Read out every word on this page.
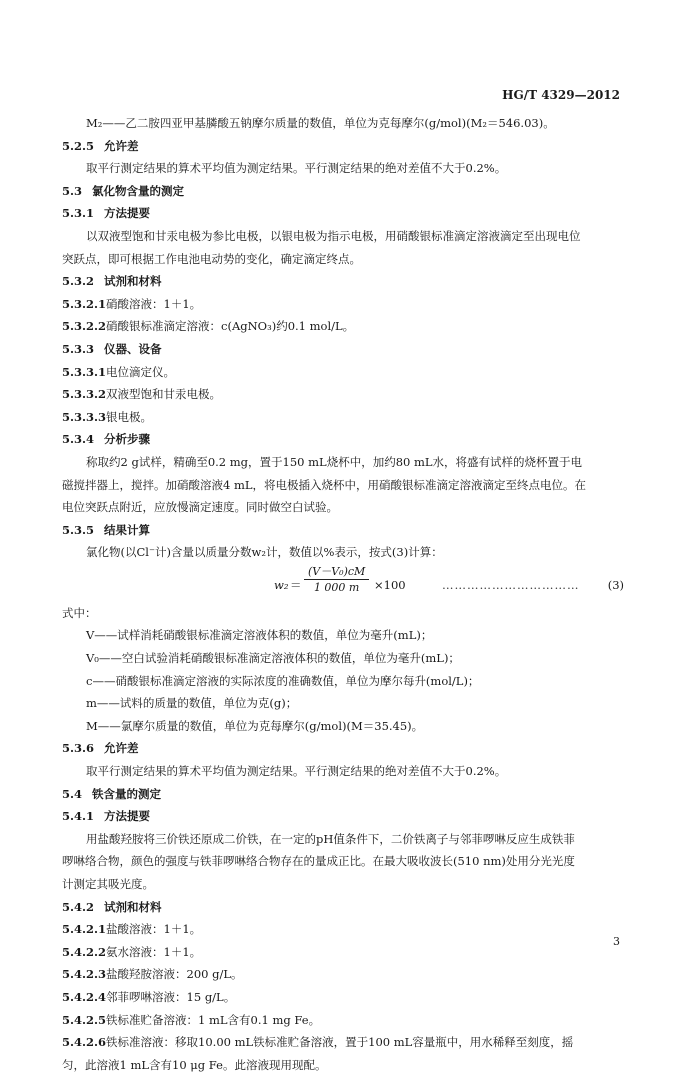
HG/T 4329—2012
M₂——乙二胺四亚甲基膦酸五钠摩尔质量的数值，单位为克每摩尔(g/mol)(M₂＝546.03)。
5.2.5 允许差
取平行测定结果的算术平均值为测定结果。平行测定结果的绝对差值不大于0.2%。
5.3 氯化物含量的测定
5.3.1 方法提要
以双液型饱和甘汞电极为参比电极，以银电极为指示电极，用硝酸银标准滴定溶液滴定至出现电位
突跃点，即可根据工作电池电动势的变化，确定滴定终点。
5.3.2 试剂和材料
5.3.2.1硝酸溶液：1＋1。
5.3.2.2硝酸银标准滴定溶液：c(AgNO₃)约0.1 mol/L。
5.3.3 仪器、设备
5.3.3.1电位滴定仪。
5.3.3.2双液型饱和甘汞电极。
5.3.3.3银电极。
5.3.4 分析步骤
称取约2 g试样，精确至0.2 mg，置于150 mL烧杯中，加约80 mL水，将盛有试样的烧杯置于电
磁搅拌器上，搅拌。加硝酸溶液4 mL，将电极插入烧杯中，用硝酸银标准滴定溶液滴定至终点电位。在
电位突跃点附近，应放慢滴定速度。同时做空白试验。
5.3.5 结果计算
氯化物(以Cl⁻计)含量以质量分数w₂计，数值以%表示，按式(3)计算：
$w_2 = \frac{\text{(V－V₀)cM}}{1 000 m} \times 100$	…………………………… (3)
式中：
V——试样消耗硝酸银标准滴定溶液体积的数值，单位为毫升(mL)；
V₀——空白试验消耗硝酸银标准滴定溶液体积的数值，单位为毫升(mL)；
c——硝酸银标准滴定溶液的实际浓度的准确数值，单位为摩尔每升(mol/L)；
m——试料的质量的数值，单位为克(g)；
M——氯摩尔质量的数值，单位为克每摩尔(g/mol)(M＝35.45)。
5.3.6 允许差
取平行测定结果的算术平均值为测定结果。平行测定结果的绝对差值不大于0.2%。
5.4 铁含量的测定
5.4.1 方法提要
用盐酸羟胺将三价铁还原成二价铁，在一定的pH值条件下，二价铁离子与邻菲啰啉反应生成铁菲
啰啉络合物，颜色的强度与铁菲啰啉络合物存在的量成正比。在最大吸收波长(510 nm)处用分光光度
计测定其吸光度。
5.4.2 试剂和材料
5.4.2.1盐酸溶液：1＋1。
5.4.2.2氨水溶液：1＋1。
5.4.2.3盐酸羟胺溶液：200 g/L。
5.4.2.4邻菲啰啉溶液：15 g/L。
5.4.2.5铁标准贮备溶液：1 mL含有0.1 mg Fe。
5.4.2.6铁标准溶液：移取10.00 mL铁标准贮备溶液，置于100 mL容量瓶中，用水稀释至刻度，摇
匀，此溶液1 mL含有10 μg Fe。此溶液现用现配。
3
